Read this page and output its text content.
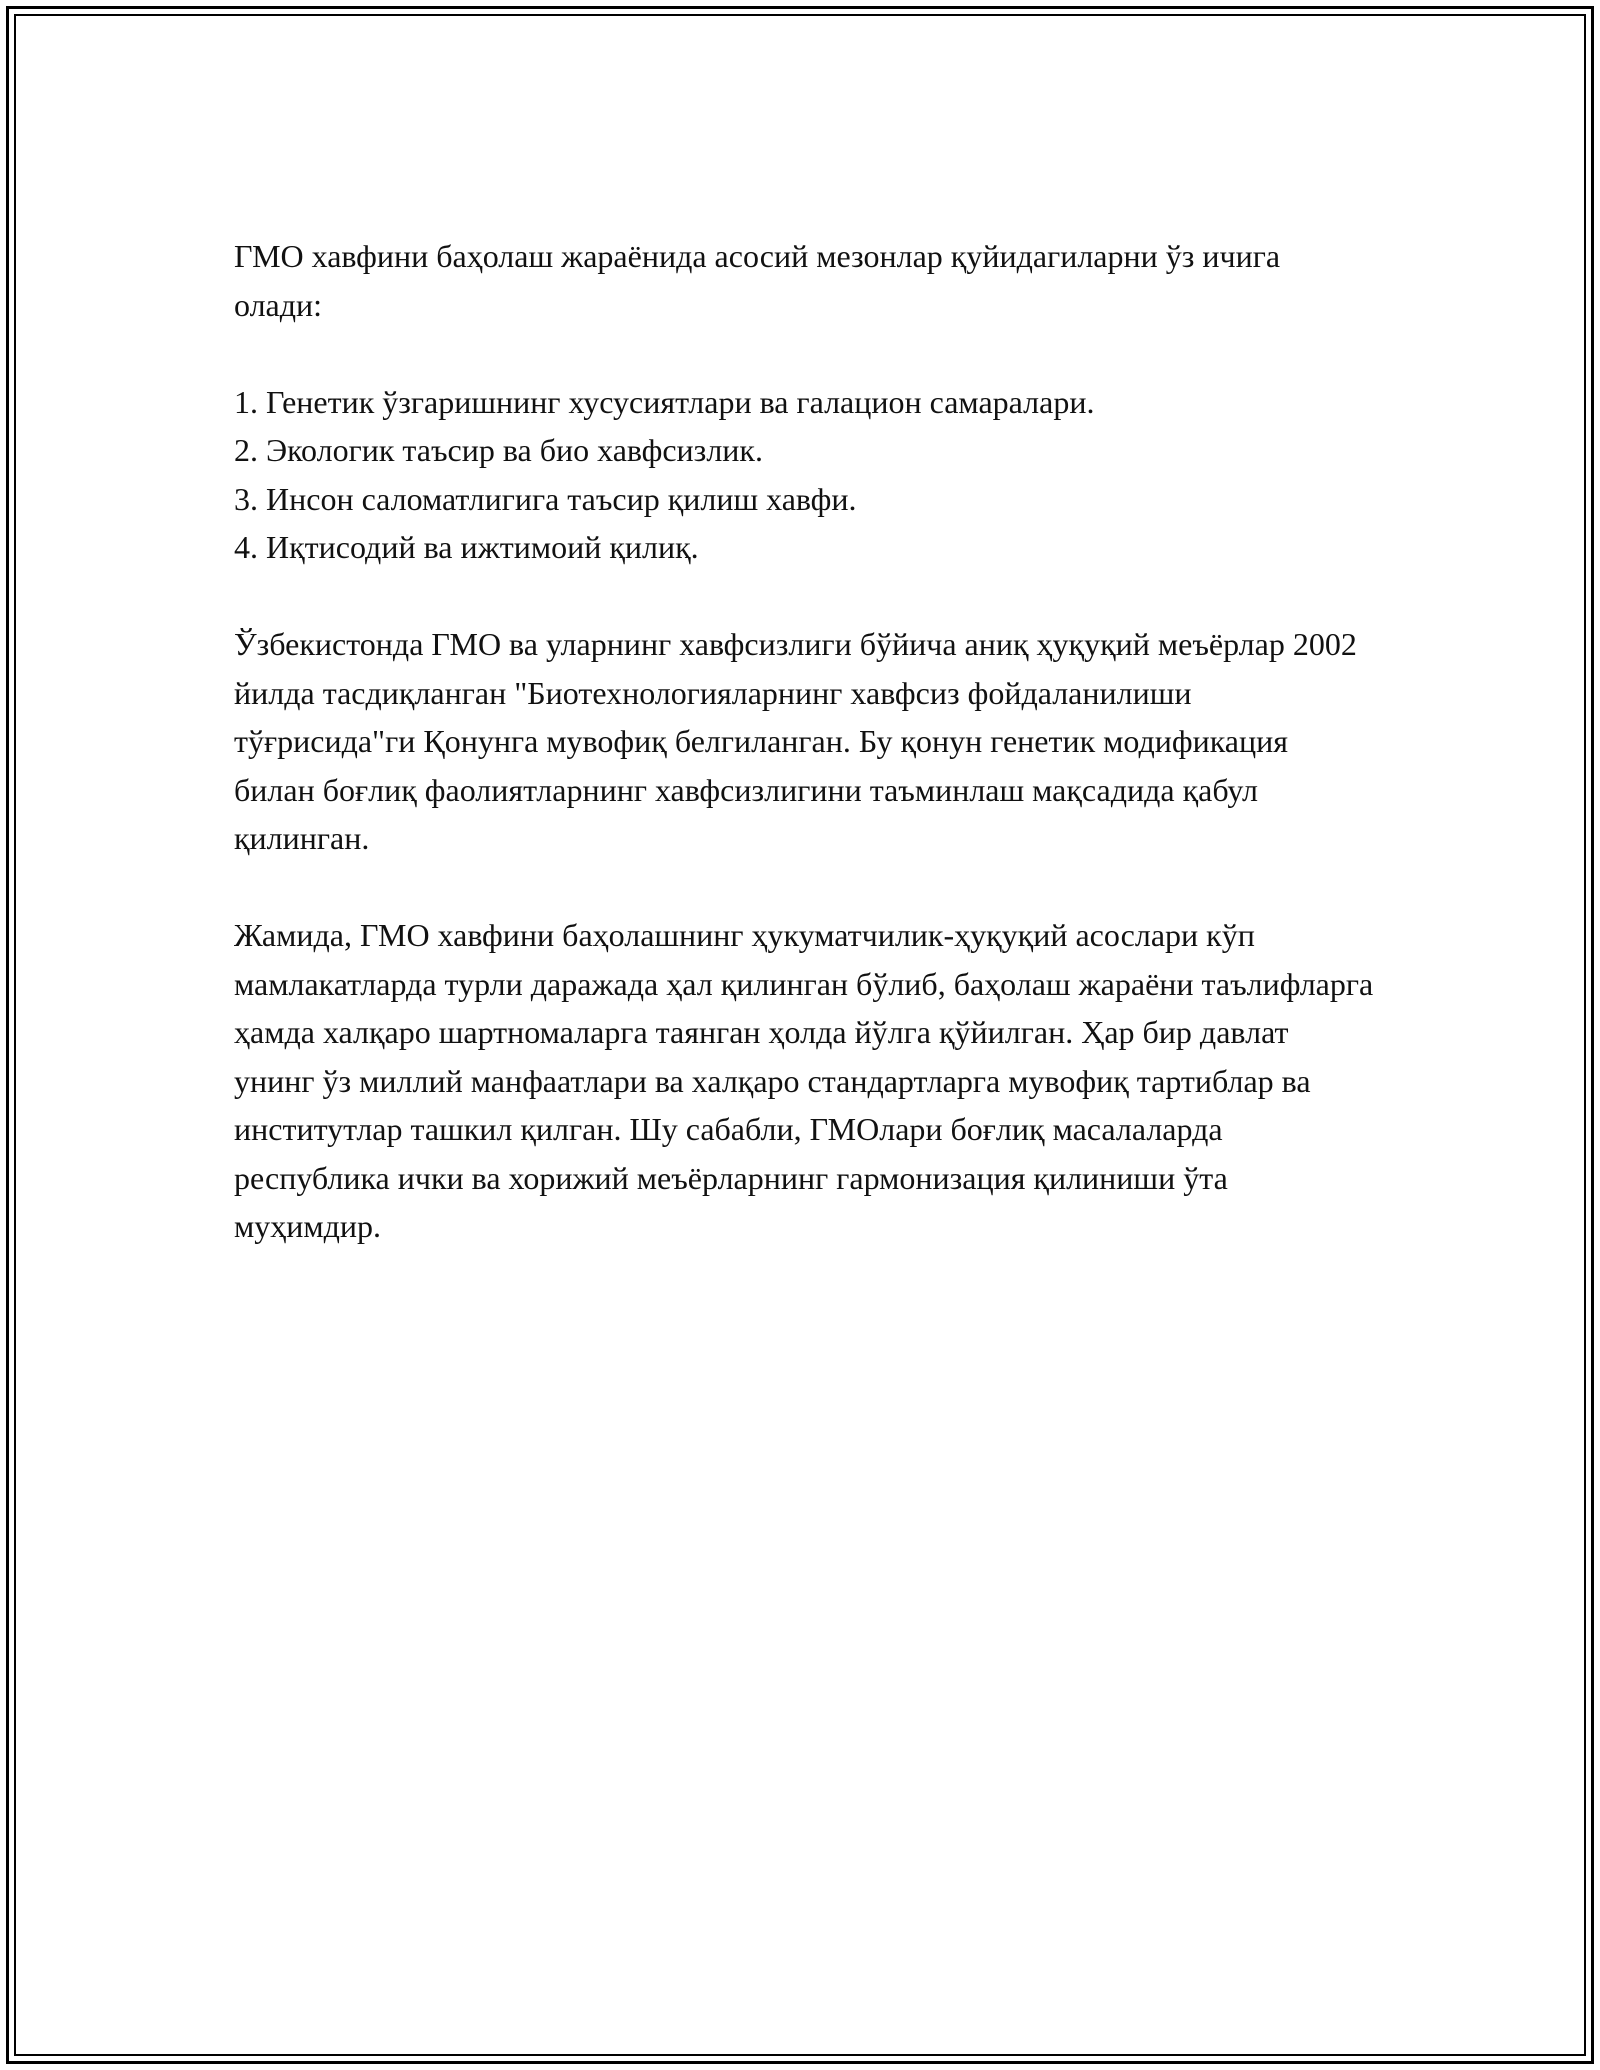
ГМО хавфини баҳолаш жараёнида асосий мезонлар қуйидагиларни ўз ичига олади:

1. Генетик ўзгаришнинг хусусиятлари ва галацион самаралари.

2. Экологик таъсир ва био хавфсизлик.

3. Инсон саломатлигига таъсир қилиш хавфи.

4. Иқтисодий ва ижтимоий қилиқ.

Ўзбекистонда ГМО ва уларнинг хавфсизлиги бўйича аниқ ҳуқуқий меъёрлар 2002 йилда тасдиқланган "Биотехнологияларнинг хавфсиз фойдаланилиши тўғрисида"ги Қонунга мувофиқ белгиланган. Бу қонун генетик модификация билан боғлиқ фаолиятларнинг хавфсизлигини таъминлаш мақсадида қабул қилинган.

Жамида, ГМО хавфини баҳолашнинг ҳукуматчилик-ҳуқуқий асослари кўп мамлакатларда турли даражада ҳал қилинган бўлиб, баҳолаш жараёни таълифларга ҳамда халқаро шартномаларга таянган ҳолда йўлга қўйилган. Ҳар бир давлат унинг ўз миллий манфаатлари ва халқаро стандартларга мувофиқ тартиблар ва институтлар ташкил қилган. Шу сабабли, ГМОлари боғлиқ масалаларда республика ички ва хорижий меъёрларнинг гармонизация қилиниши ўта муҳимдир.
